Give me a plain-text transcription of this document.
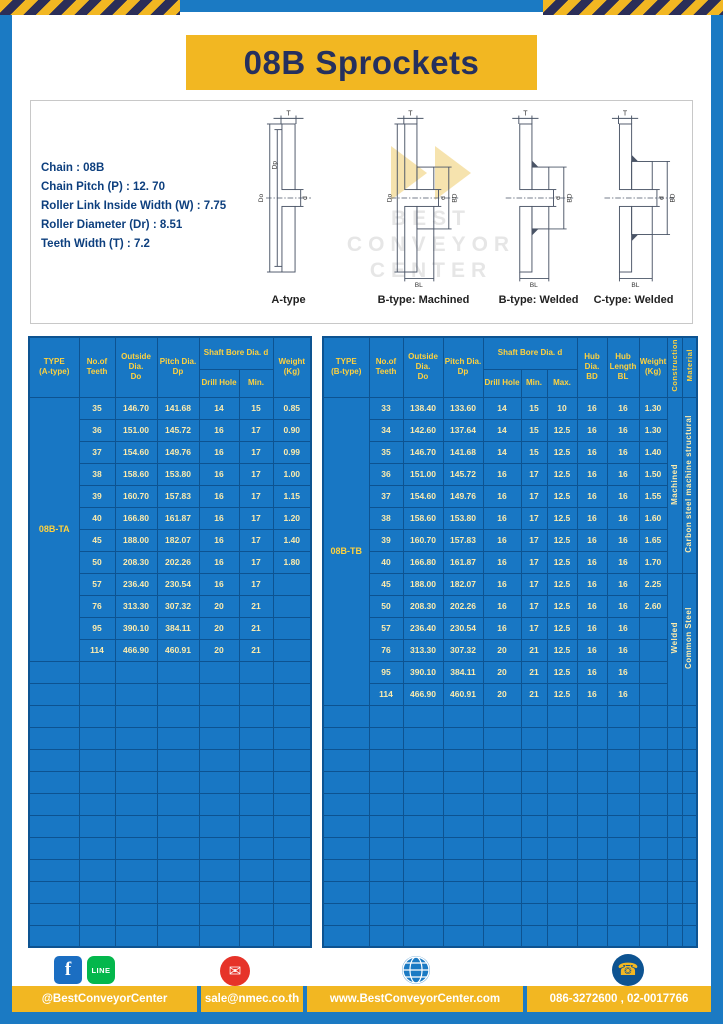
08B Sprockets
BEST
CONVEYOR
CENTER
Chain : 08B
Chain Pitch (P) : 12. 70
Roller Link Inside Width (W) : 7.75
Roller Diameter (Dr) : 8.51
Teeth Width (T) : 7.2
T
Do
Dp
d
A-type
T
d BD
Do
BL
B-type: Machined
T
d BD
BL
B-type: Welded
T
d BD
BL
C-type: Welded
TYPE
(A-type)	No.of
Teeth	Outside
Dia.
Do	Pitch Dia.
Dp	Shaft Bore Dia. d		Weight
(Kg)

				Drill Hole	Min.	
08B-TA	35	146.70	141.68	14	15	0.85
	36	151.00	145.72	16	17	0.90
	37	154.60	149.76	16	17	0.99
	38	158.60	153.80	16	17	1.00
	39	160.70	157.83	16	17	1.15
	40	166.80	161.87	16	17	1.20
	45	188.00	182.07	16	17	1.40
	50	208.30	202.26	16	17	1.80
	57	236.40	230.54	16	17	
	76	313.30	307.32	20	21	
	95	390.10	384.11	20	21	
	114	466.90	460.91	20	21	

TYPE
(B-type)	No.of
Teeth	Outside
Dia.
Do	Pitch Dia.
Dp	Shaft Bore Dia. d			Hub Dia.
BD	Hub
Length
BL	Weight
(Kg)	Construction	Material
				Drill Hole	Min.	Max.					
08B-TB	33	138.40	133.60	14	15	10	16	16	1.30	Machined	Carbon steel machine structural
	34	142.60	137.64	14	15	12.5	16	16	1.30		
	35	146.70	141.68	14	15	12.5	16	16	1.40		
	36	151.00	145.72	16	17	12.5	16	16	1.50		
	37	154.60	149.76	16	17	12.5	16	16	1.55		
	38	158.60	153.80	16	17	12.5	16	16	1.60		
	39	160.70	157.83	16	17	12.5	16	16	1.65		
	40	166.80	161.87	16	17	12.5	16	16	1.70		
	45	188.00	182.07	16	17	12.5	16	16	2.25	Welded	Common Steel
	50	208.30	202.26	16	17	12.5	16	16	2.60		
	57	236.40	230.54	16	17	12.5	16	16			
	76	313.30	307.32	20	21	12.5	16	16			
	95	390.10	384.11	20	21	12.5	16	16			
	114	466.90	460.91	20	21	12.5	16	16			

f	LINE	✉	☎
@BestConveyorCenter	sale@nmec.co.th	www.BestConveyorCenter.com	086-3272600 , 02-0017766
